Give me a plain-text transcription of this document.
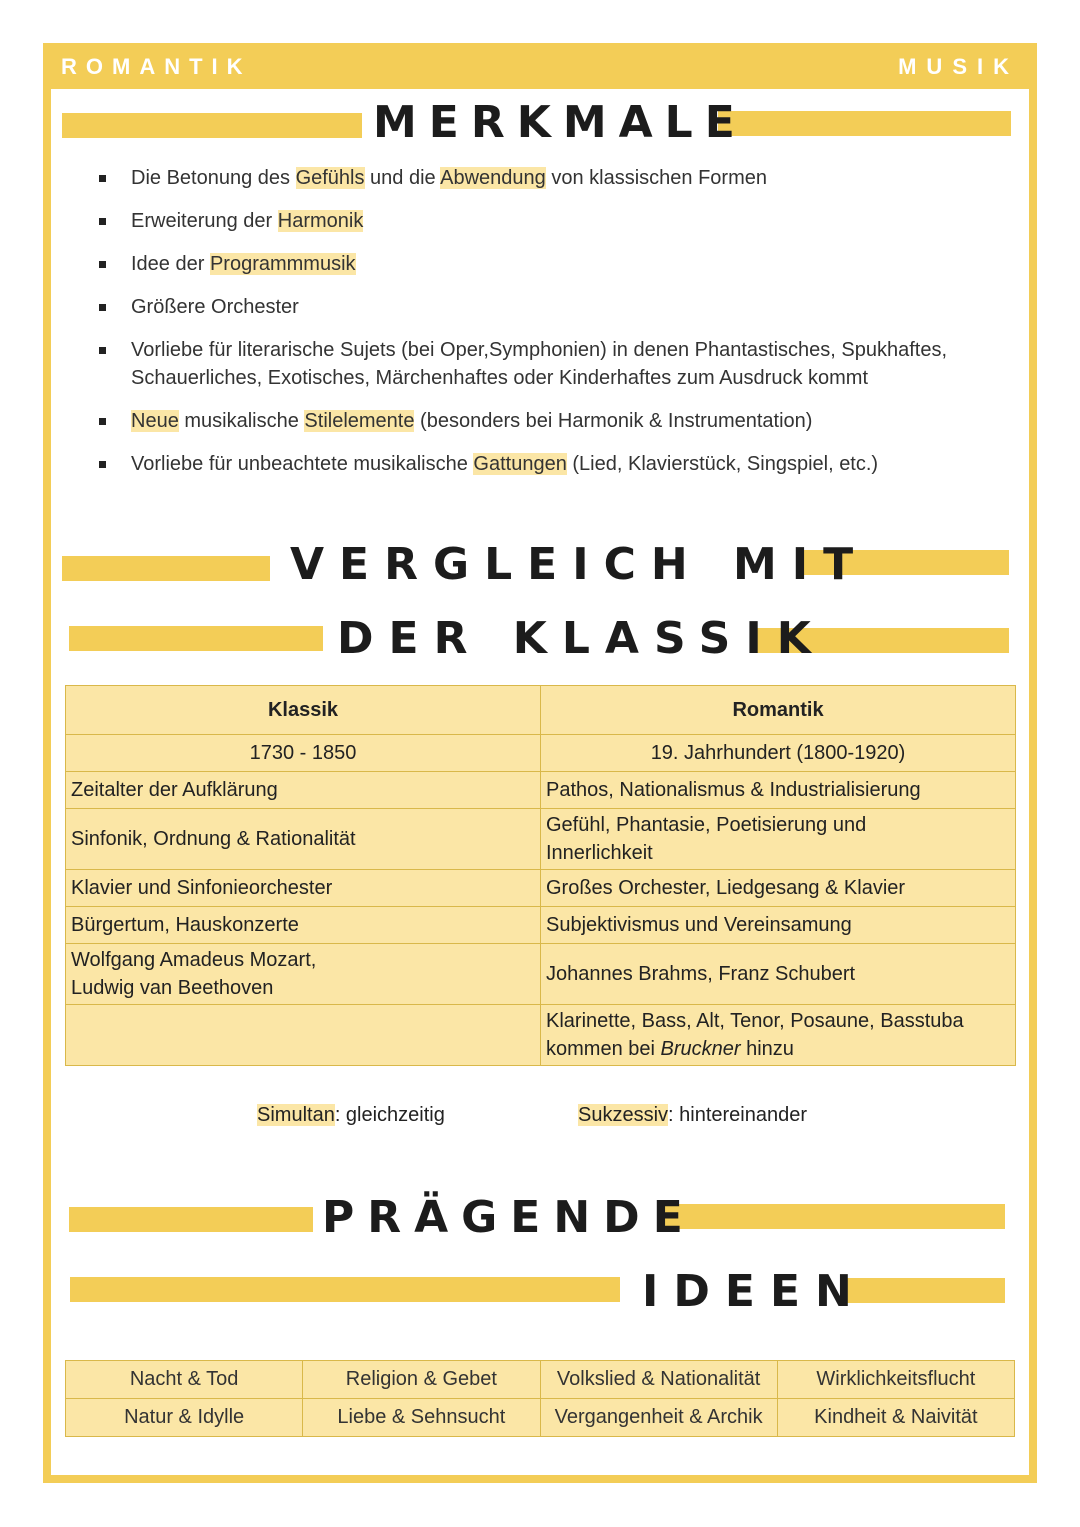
ROMANTIK	MUSIK
MERKMALE
Die Betonung des Gefühls und die Abwendung von klassischen Formen
Erweiterung der Harmonik
Idee der Programmmusik
Größere Orchester
Vorliebe für literarische Sujets (bei Oper,Symphonien) in denen Phantastisches, Spukhaftes, Schauerliches, Exotisches, Märchenhaftes oder Kinderhaftes zum Ausdruck kommt
Neue musikalische Stilelemente (besonders bei Harmonik & Instrumentation)
Vorliebe für unbeachtete musikalische Gattungen (Lied, Klavierstück, Singspiel, etc.)
VERGLEICH MIT
DER KLASSIK
Klassik	Romantik
1730 - 1850	19. Jahrhundert (1800-1920)
Zeitalter der Aufklärung	Pathos, Nationalismus & Industrialisierung
Sinfonik, Ordnung & Rationalität	Gefühl, Phantasie, Poetisierung und Innerlichkeit
Klavier und Sinfonieorchester	Großes Orchester, Liedgesang & Klavier
Bürgertum, Hauskonzerte	Subjektivismus und Vereinsamung
Wolfgang Amadeus Mozart, Ludwig van Beethoven	Johannes Brahms, Franz Schubert
	Klarinette, Bass, Alt, Tenor, Posaune, Basstuba kommen bei Bruckner hinzu
Simultan: gleichzeitig	Sukzessiv: hintereinander
PRÄGENDE
IDEEN
Nacht & Tod	Religion & Gebet	Volkslied & Nationalität	Wirklichkeitsflucht
Natur & Idylle	Liebe & Sehnsucht	Vergangenheit & Archik	Kindheit & Naivität
